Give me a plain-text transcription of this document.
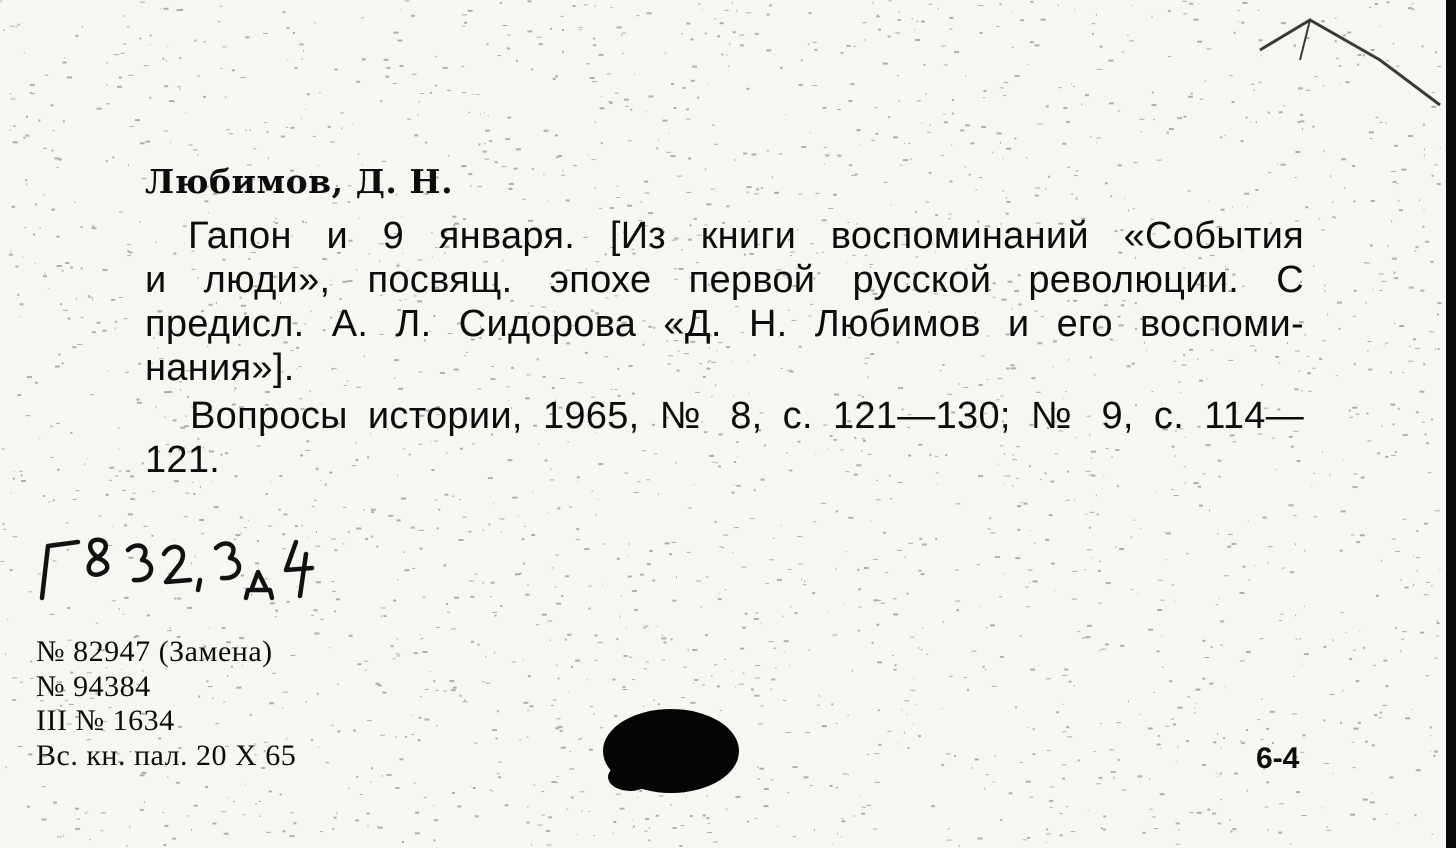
Любимов, Д. Н.
Гапон и 9 января. [Из книги воспоминаний «События
и люди», посвящ. эпохе первой русской революции. С
предисл. А. Л. Сидорова «Д. Н. Любимов и его воспоми-
нания»].
Вопросы истории, 1965, № 8, с. 121—130; № 9, с. 114—
121.
№ 82947 (Замена)
№ 94384
III № 1634
Вс. кн. пал. 20 X 65	6-4
